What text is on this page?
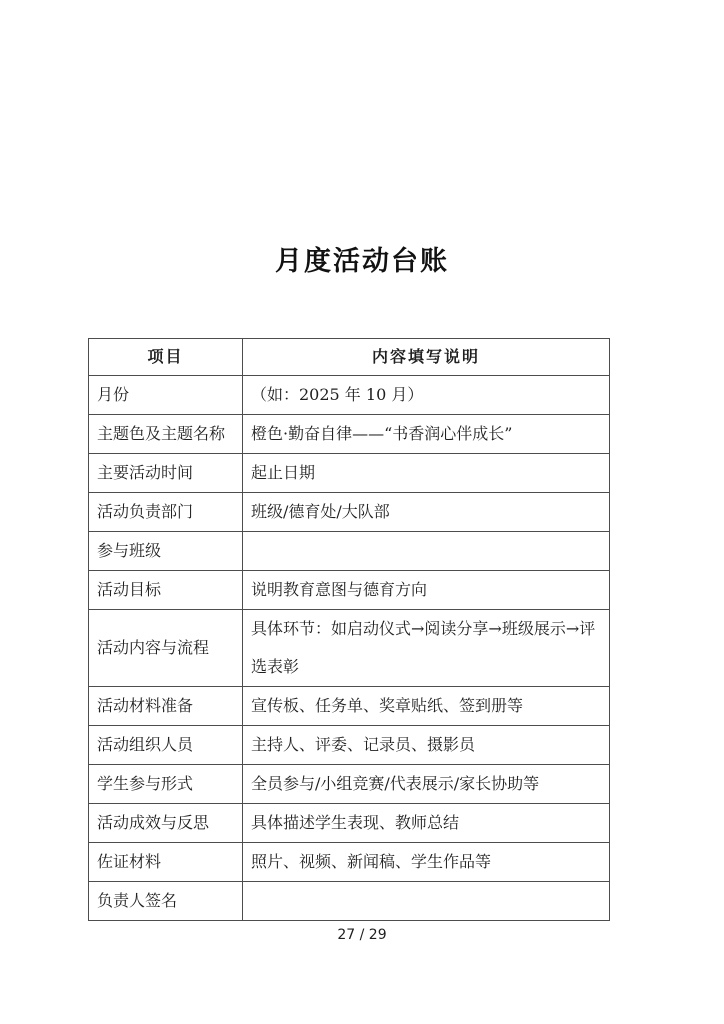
月度活动台账
项目	内容填写说明
月份	（如：2025 年 10 月）
主题色及主题名称	橙色·勤奋自律——“书香润心伴成长”
主要活动时间	起止日期
活动负责部门	班级/德育处/大队部
参与班级	
活动目标	说明教育意图与德育方向
活动内容与流程	具体环节：如启动仪式→阅读分享→班级展示→评选表彰
活动材料准备	宣传板、任务单、奖章贴纸、签到册等
活动组织人员	主持人、评委、记录员、摄影员
学生参与形式	全员参与/小组竞赛/代表展示/家长协助等
活动成效与反思	具体描述学生表现、教师总结
佐证材料	照片、视频、新闻稿、学生作品等
负责人签名	
27 / 29
